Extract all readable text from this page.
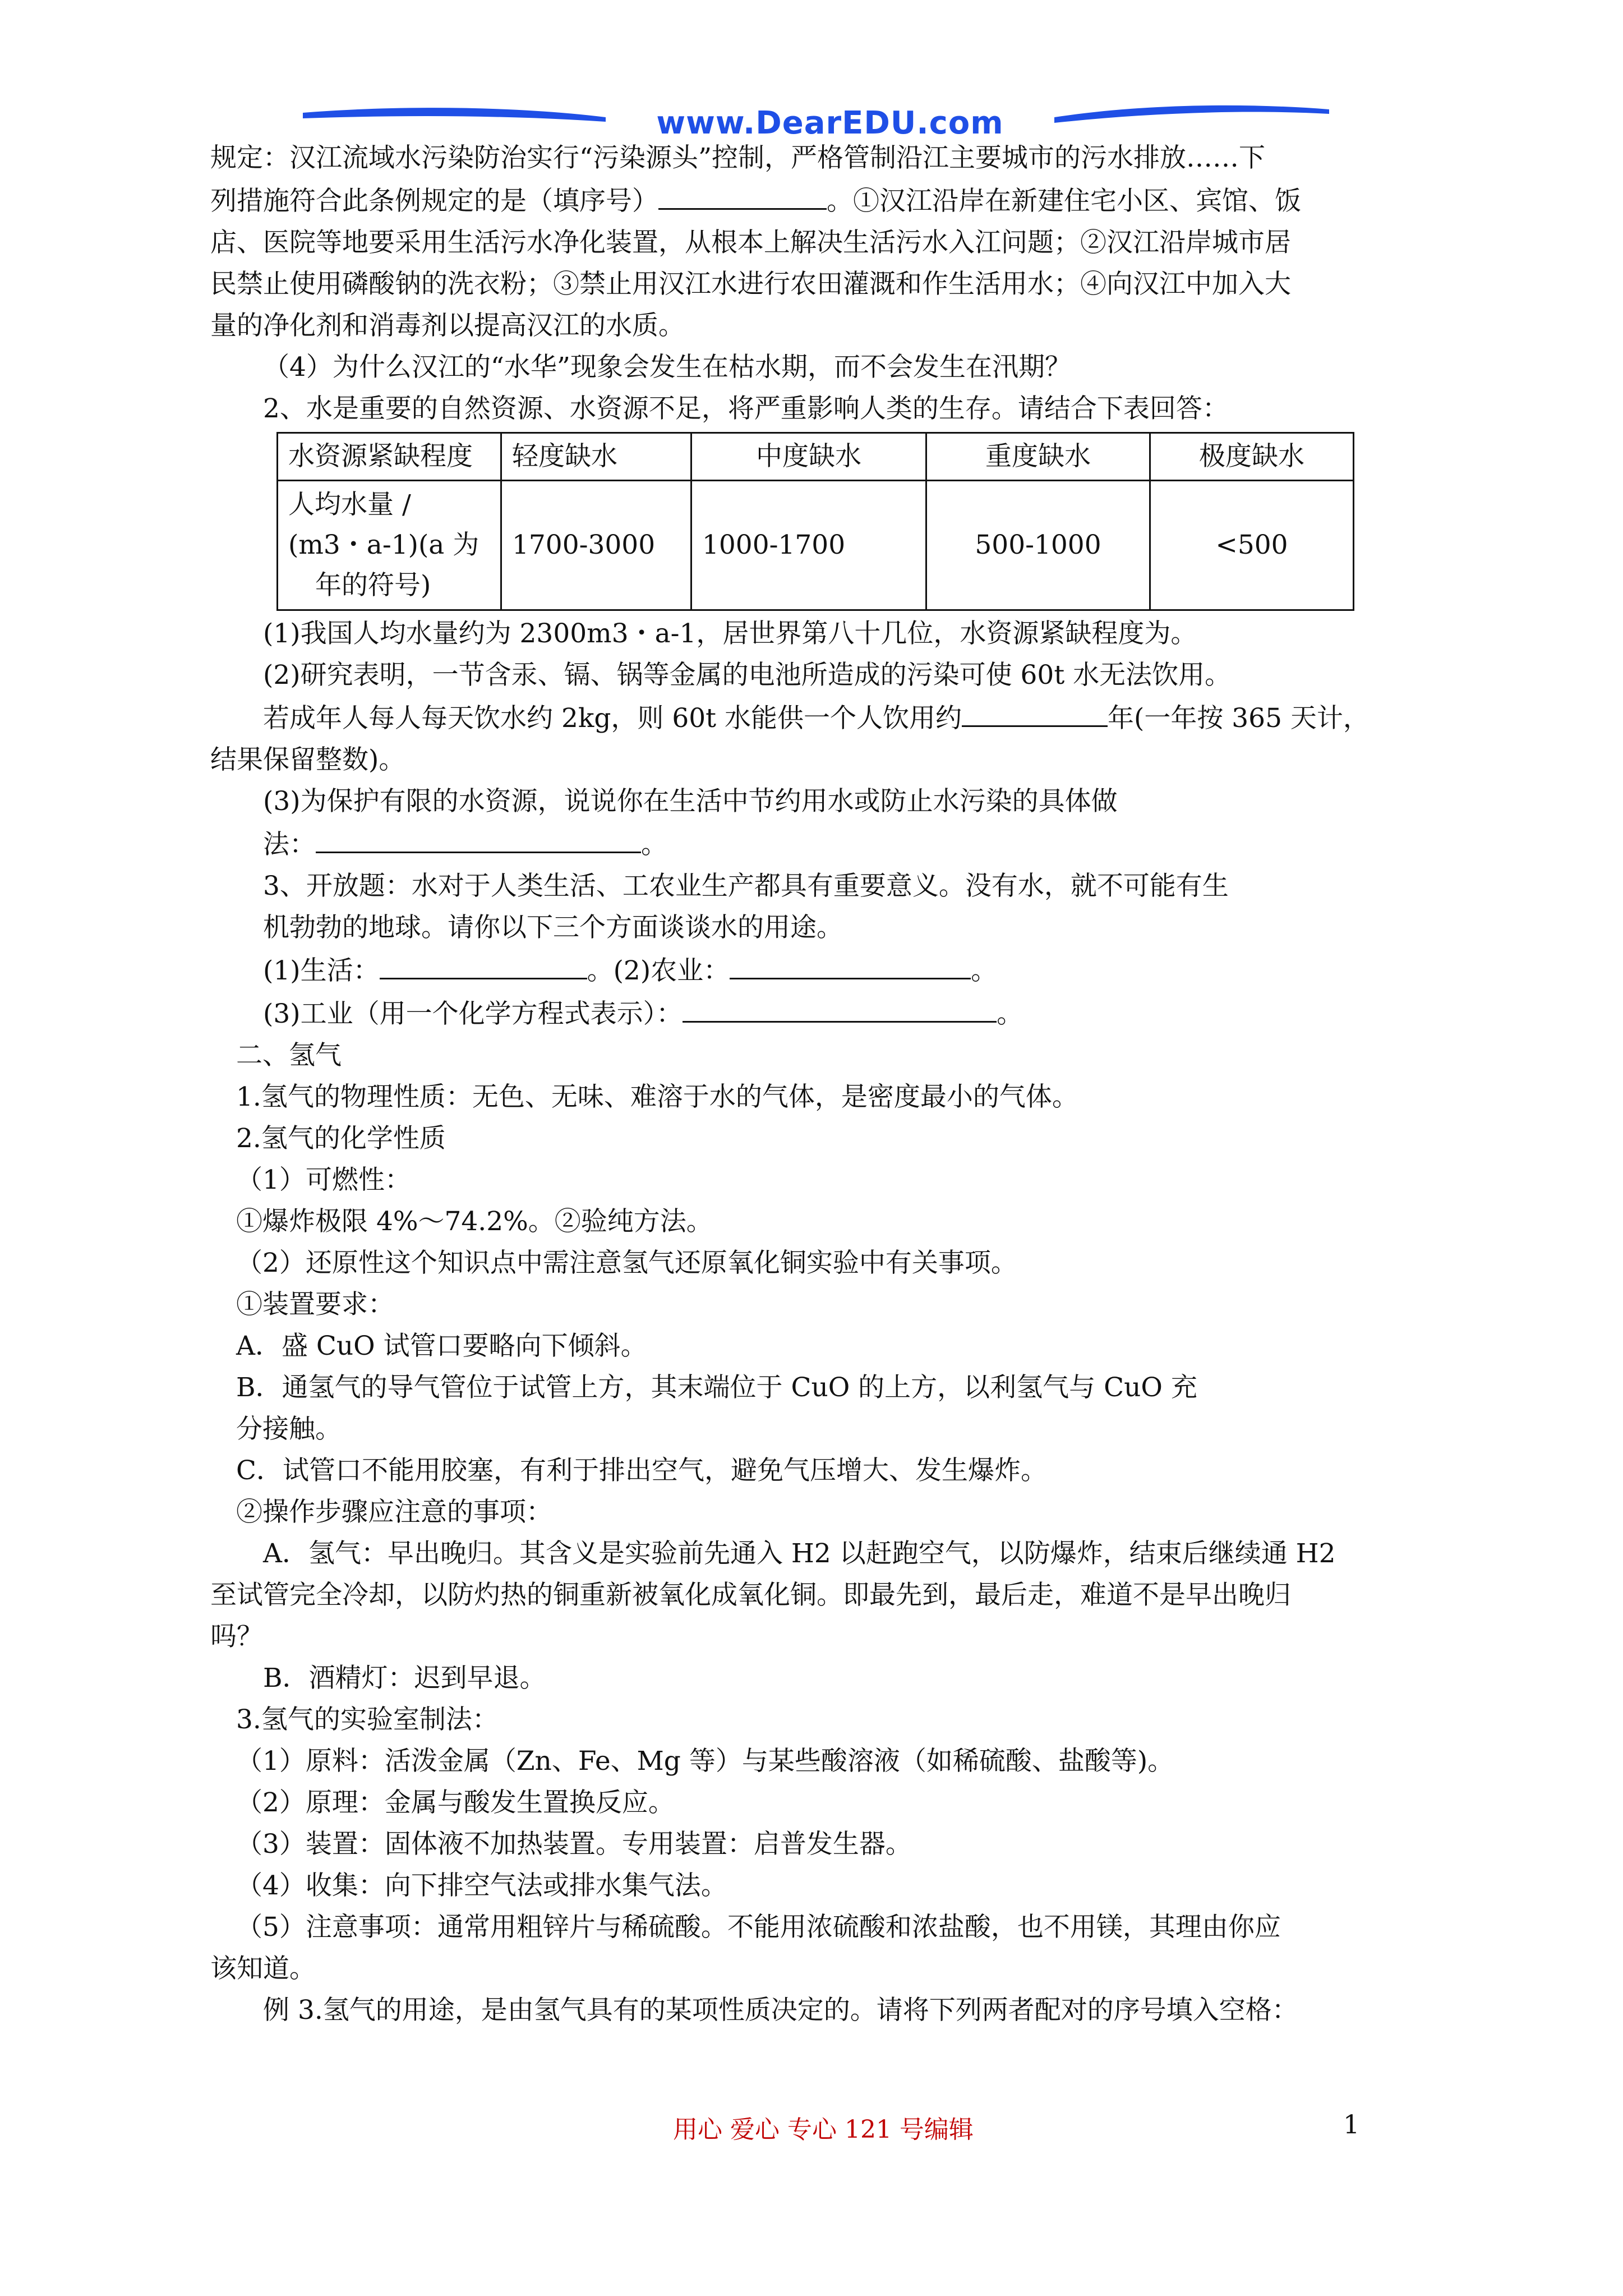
www.DearEDU.com

规定：汉江流域水污染防治实行“污染源头”控制，严格管制沿江主要城市的污水排放……下

列措施符合此条例规定的是（填序号）	。①汉江沿岸在新建住宅小区、宾馆、饭

店、医院等地要采用生活污水净化装置，从根本上解决生活污水入江问题；②汉江沿岸城市居

民禁止使用磷酸钠的洗衣粉；③禁止用汉江水进行农田灌溉和作生活用水；④向汉江中加入大

量的净化剂和消毒剂以提高汉江的水质。

（4）为什么汉江的“水华”现象会发生在枯水期，而不会发生在汛期？

2、水是重要的自然资源、水资源不足，将严重影响人类的生存。请结合下表回答：

水资源紧缺程度	轻度缺水	中度缺水	重度缺水	极度缺水

人均水量 /
(m3・a-1)(a 为
年的符号)	1700-3000	1000-1700	500-1000	<500

(1)我国人均水量约为 2300m3・a-1，居世界第八十几位，水资源紧缺程度为。

(2)研究表明，一节含汞、镉、锅等金属的电池所造成的污染可使 60t 水无法饮用。

若成年人每人每天饮水约 2kg，则 60t 水能供一个人饮用约	年(一年按 365 天计，

结果保留整数)。

(3)为保护有限的水资源，说说你在生活中节约用水或防止水污染的具体做

法：	。

3、开放题：水对于人类生活、工农业生产都具有重要意义。没有水，就不可能有生

机勃勃的地球。请你以下三个方面谈谈水的用途。

(1)生活：	。(2)农业：	。

(3)工业（用一个化学方程式表示）：	。

二、氢气

1.氢气的物理性质：无色、无味、难溶于水的气体，是密度最小的气体。

2.氢气的化学性质

（1）可燃性：

①爆炸极限 4%～74.2%。②验纯方法。

（2）还原性这个知识点中需注意氢气还原氧化铜实验中有关事项。

①装置要求：

A．盛 CuO 试管口要略向下倾斜。

B．通氢气的导气管位于试管上方，其末端位于 CuO 的上方，以利氢气与 CuO 充

分接触。

C．试管口不能用胶塞，有利于排出空气，避免气压增大、发生爆炸。

②操作步骤应注意的事项：

A．氢气：早出晚归。其含义是实验前先通入 H2 以赶跑空气，以防爆炸，结束后继续通 H2

至试管完全冷却，以防灼热的铜重新被氧化成氧化铜。即最先到，最后走，难道不是早出晚归

吗？

B．酒精灯：迟到早退。

3.氢气的实验室制法：

（1）原料：活泼金属（Zn、Fe、Mg 等）与某些酸溶液（如稀硫酸、盐酸等)。

（2）原理：金属与酸发生置换反应。

（3）装置：固体液不加热装置。专用装置：启普发生器。

（4）收集：向下排空气法或排水集气法。

（5）注意事项：通常用粗锌片与稀硫酸。不能用浓硫酸和浓盐酸，也不用镁，其理由你应

该知道。

例 3.氢气的用途，是由氢气具有的某项性质决定的。请将下列两者配对的序号填入空格：

用心 爱心 专心 121 号编辑	1
